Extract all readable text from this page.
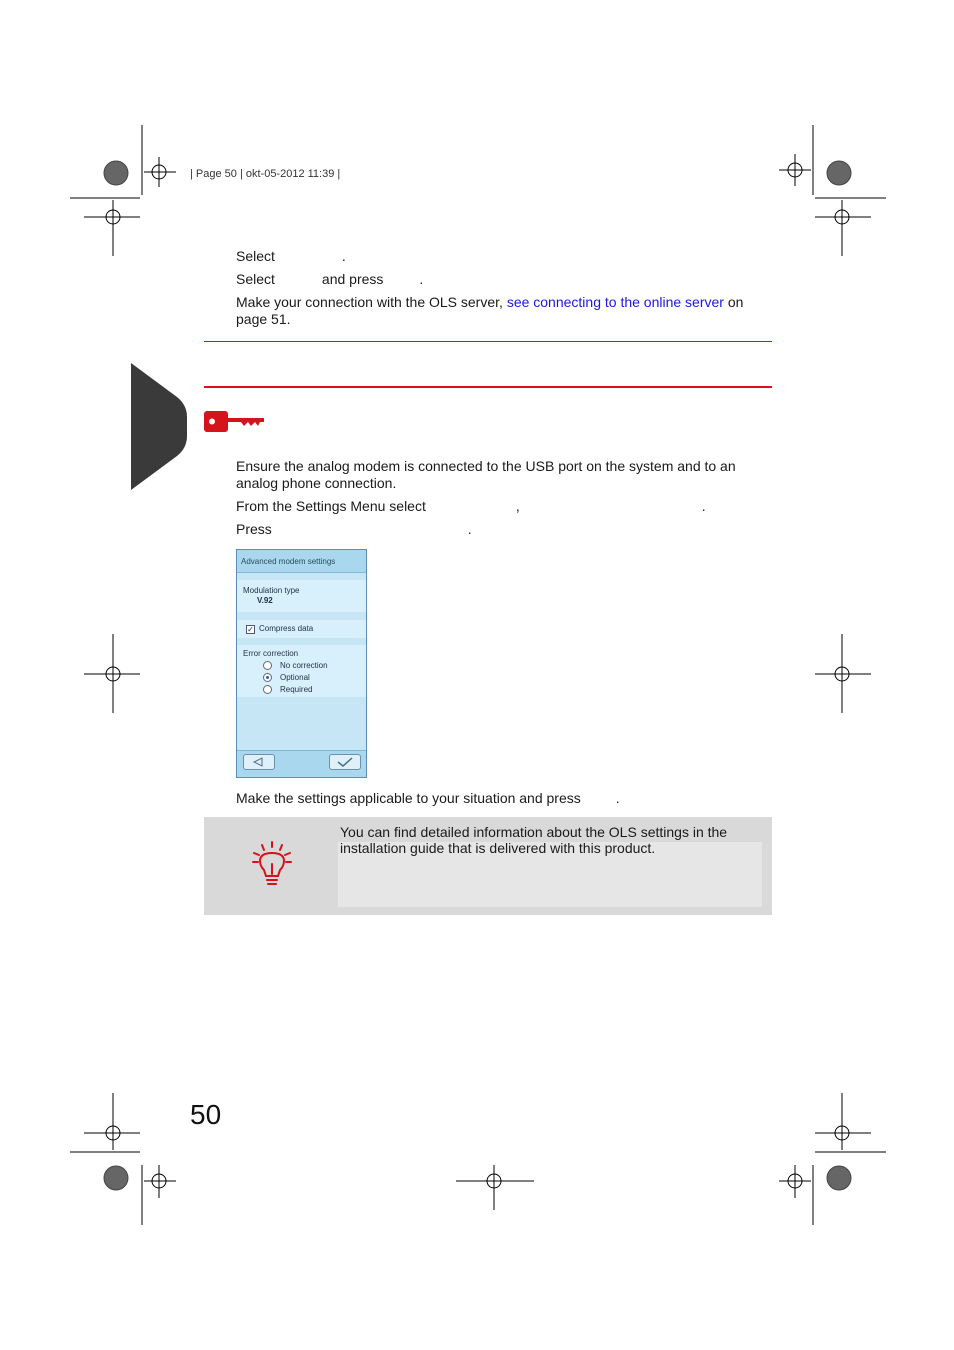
| Page 50 | okt-05-2012 11:39 |
Select	.
Select	and press	.
Make your connection with the OLS server, see connecting to the online server on
page 51.
Ensure the analog modem is connected to the USB port on the system and to an
analog phone connection.
From the Settings Menu select	,	.
Press	.
Advanced modem settings
Modulation type
V.92
✓ Compress data
Error correction
No correction
Optional
Required
Make the settings applicable to your situation and press	.
You can find detailed information about the OLS settings in the
installation guide that is delivered with this product.
50
